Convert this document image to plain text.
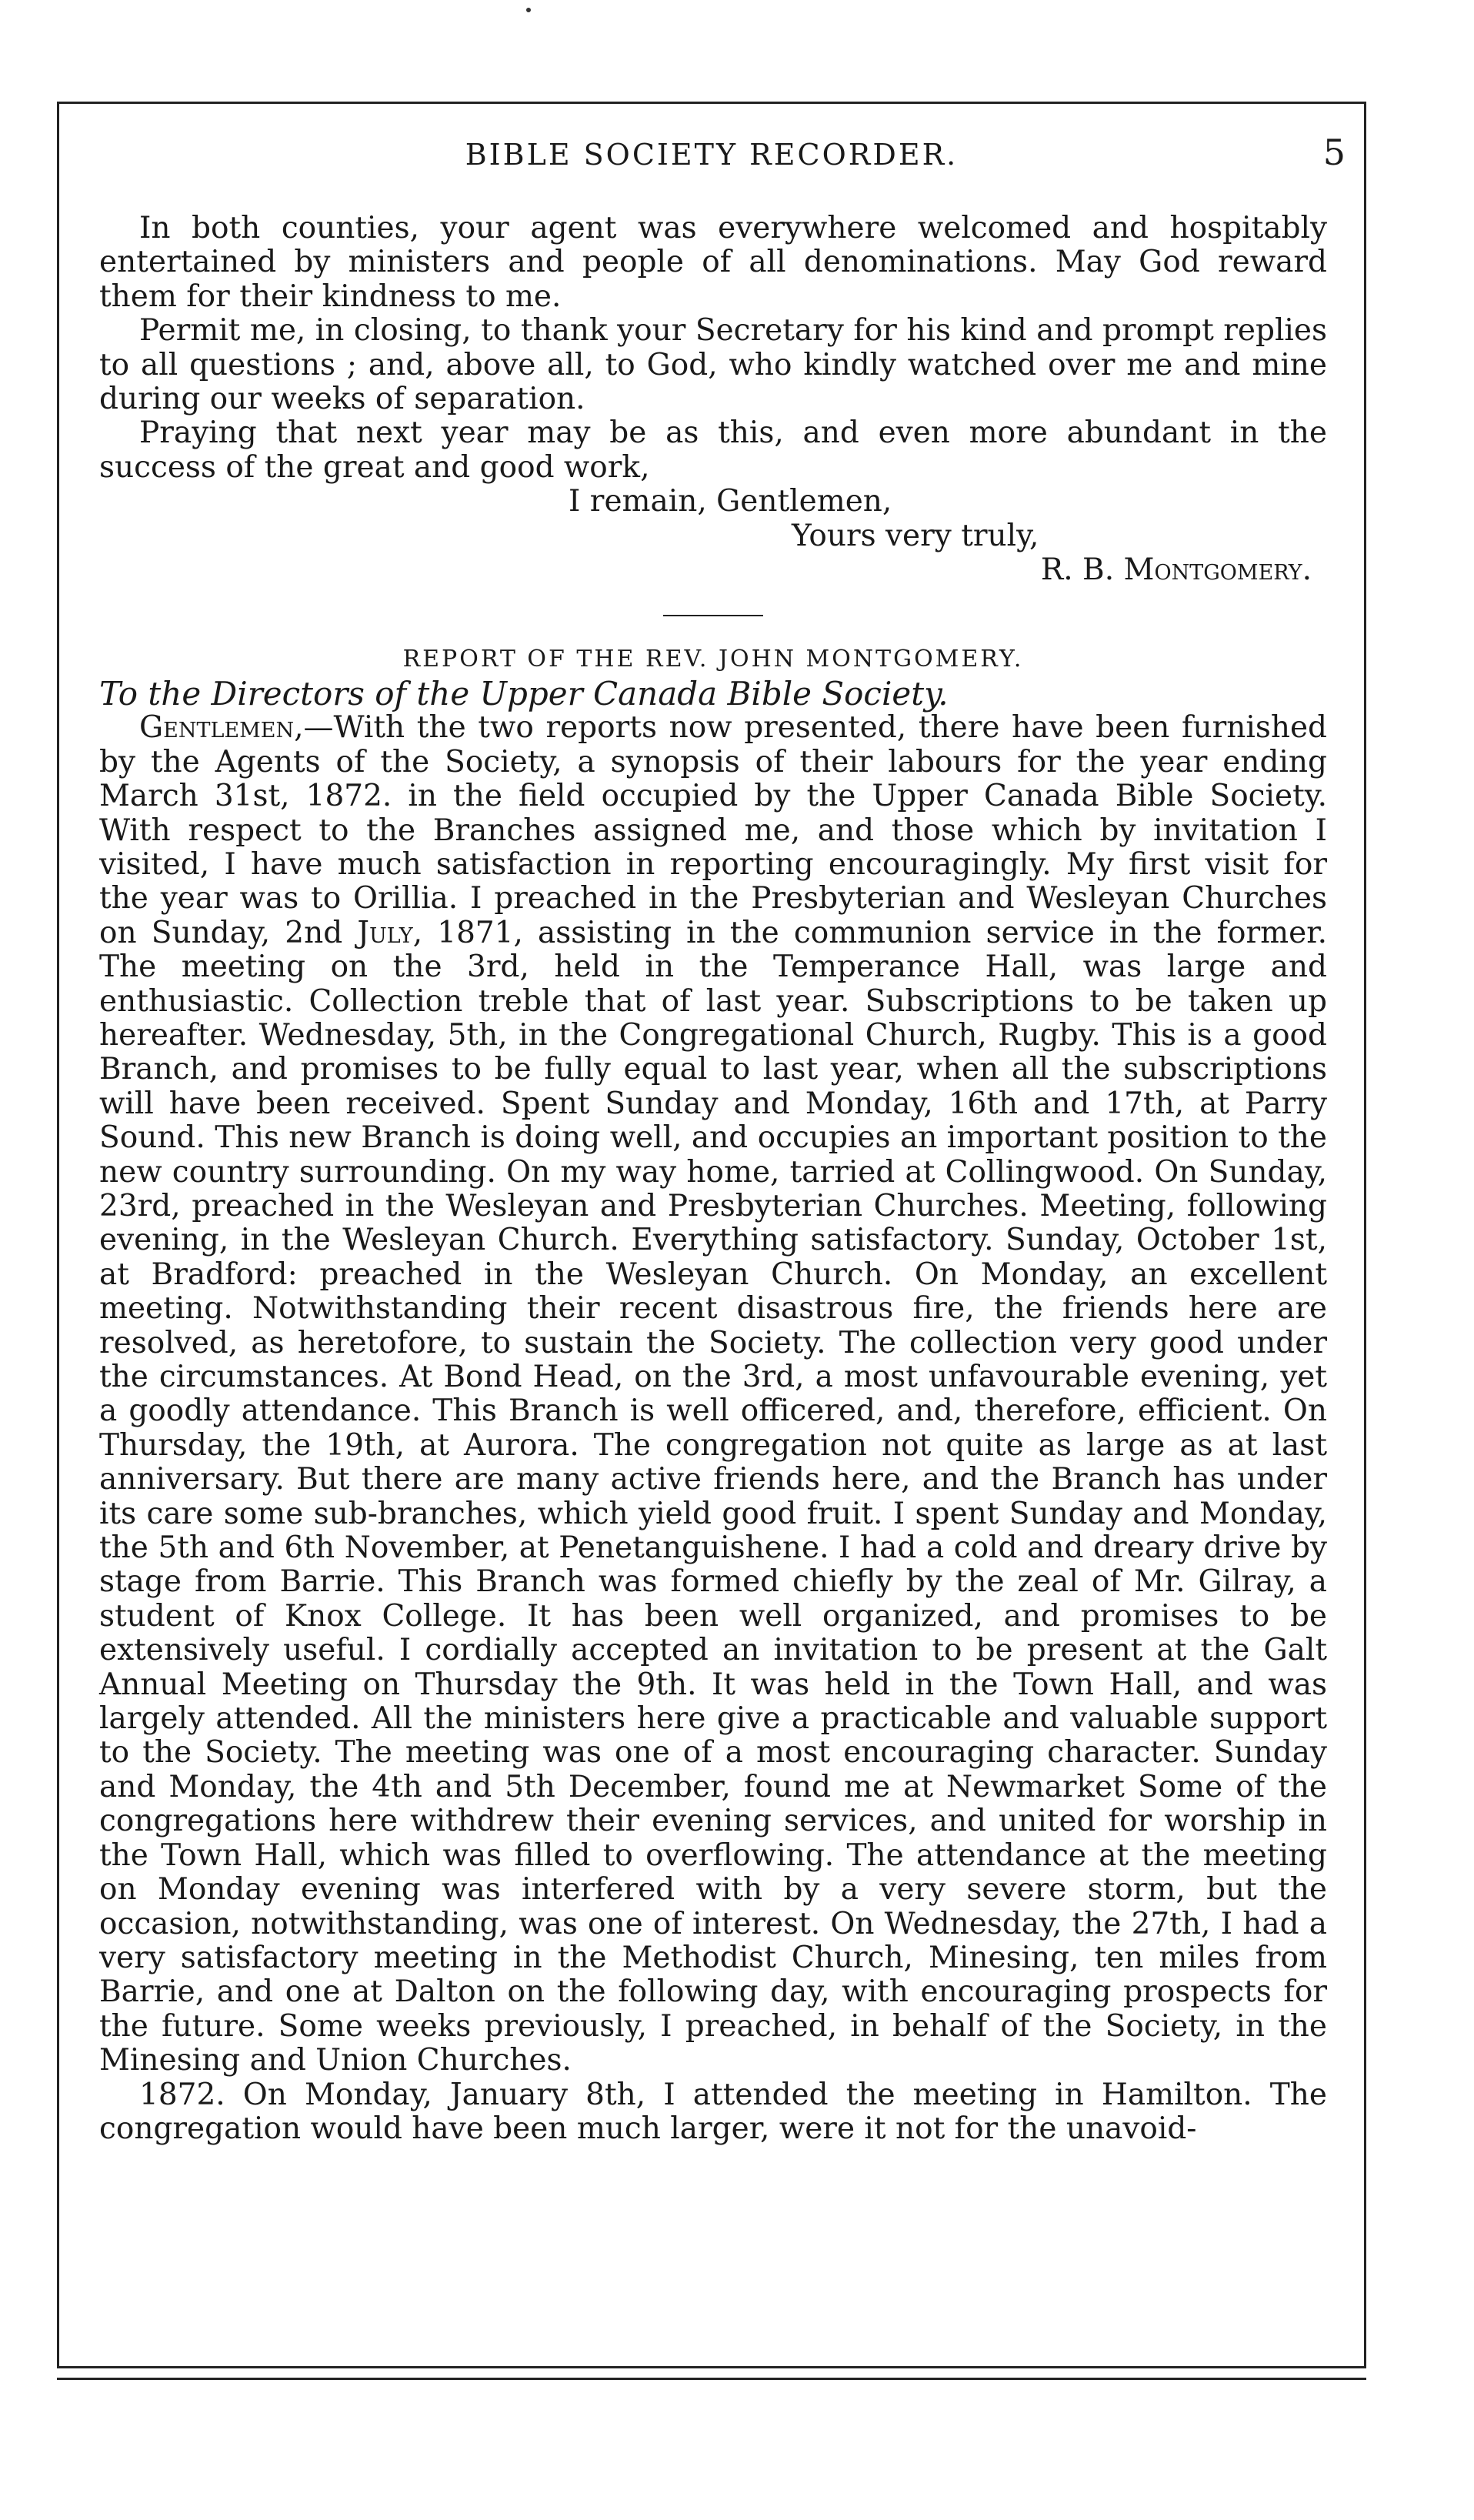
BIBLE SOCIETY RECORDER.	5

In both counties, your agent was everywhere welcomed and hospitably entertained by ministers and people of all denominations. May God reward them for their kindness to me.

Permit me, in closing, to thank your Secretary for his kind and prompt replies to all questions ; and, above all, to God, who kindly watched over me and mine during our weeks of separation.

Praying that next year may be as this, and even more abundant in the success of the great and good work,

I remain, Gentlemen,

Yours very truly,

R. B. Montgomery.

REPORT OF THE REV. JOHN MONTGOMERY.

To the Directors of the Upper Canada Bible Society.

Gentlemen,—With the two reports now presented, there have been furnished by the Agents of the Society, a synopsis of their labours for the year ending March 31st, 1872. in the field occupied by the Upper Canada Bible Society. With respect to the Branches assigned me, and those which by invitation I visited, I have much satisfaction in reporting encouragingly. My first visit for the year was to Orillia. I preached in the Presbyterian and Wesleyan Churches on Sunday, 2nd July, 1871, assisting in the communion service in the former. The meeting on the 3rd, held in the Temperance Hall, was large and enthusiastic. Collection treble that of last year. Subscriptions to be taken up hereafter. Wednesday, 5th, in the Congregational Church, Rugby. This is a good Branch, and promises to be fully equal to last year, when all the subscriptions will have been received. Spent Sunday and Monday, 16th and 17th, at Parry Sound. This new Branch is doing well, and occupies an important position to the new country surrounding. On my way home, tarried at Collingwood. On Sunday, 23rd, preached in the Wesleyan and Presbyterian Churches. Meeting, following evening, in the Wesleyan Church. Everything satisfactory. Sunday, October 1st, at Bradford: preached in the Wesleyan Church. On Monday, an excellent meeting. Notwithstanding their recent disastrous fire, the friends here are resolved, as heretofore, to sustain the Society. The collection very good under the circumstances. At Bond Head, on the 3rd, a most unfavourable evening, yet a goodly attendance. This Branch is well officered, and, therefore, efficient. On Thursday, the 19th, at Aurora. The congregation not quite as large as at last anniversary. But there are many active friends here, and the Branch has under its care some sub-branches, which yield good fruit. I spent Sunday and Monday, the 5th and 6th November, at Penetanguishene. I had a cold and dreary drive by stage from Barrie. This Branch was formed chiefly by the zeal of Mr. Gilray, a student of Knox College. It has been well organized, and promises to be extensively useful. I cordially accepted an invitation to be present at the Galt Annual Meeting on Thursday the 9th. It was held in the Town Hall, and was largely attended. All the ministers here give a practicable and valuable support to the Society. The meeting was one of a most encouraging character. Sunday and Monday, the 4th and 5th December, found me at Newmarket Some of the congregations here withdrew their evening services, and united for worship in the Town Hall, which was filled to overflowing. The attendance at the meeting on Monday evening was interfered with by a very severe storm, but the occasion, notwithstanding, was one of interest. On Wednesday, the 27th, I had a very satisfactory meeting in the Methodist Church, Minesing, ten miles from Barrie, and one at Dalton on the following day, with encouraging prospects for the future. Some weeks previously, I preached, in behalf of the Society, in the Minesing and Union Churches.

1872. On Monday, January 8th, I attended the meeting in Hamilton. The congregation would have been much larger, were it not for the unavoid-
